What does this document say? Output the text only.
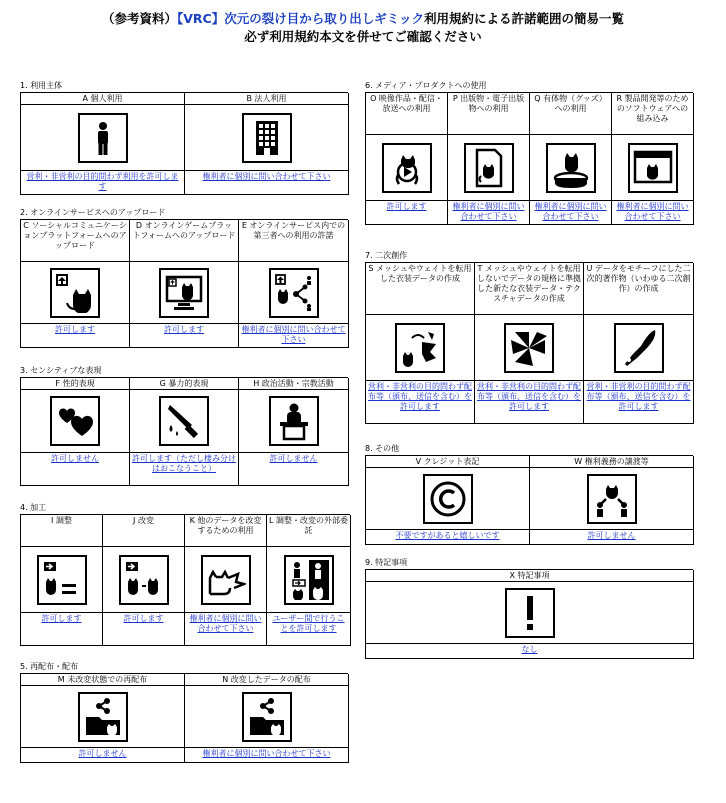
（参考資料）【VRC】次元の裂け目から取り出しギミック利用規約による許諾範囲の簡易一覧
必ず利用規約本文を併せてご確認ください
1. 利用主体
A 個人利用
営利・非営利の目的問わず利用を許可します
B 法人利用
権利者に個別に問い合わせて下さい
2. オンラインサービスへのアップロード
C ソーシャルコミュニケーションプラットフォームへのアップロード
許可します
D オンラインゲームプラットフォームへのアップロード
許可します
E オンラインサービス内での第三者への利用の許諾
権利者に個別に問い合わせて下さい
3. センシティブな表現
F 性的表現
許可しません
G 暴力的表現
許可します（ただし棲み分けはおこなうこと）
H 政治活動・宗教活動
許可しません
4. 加工
I 調整
許可します
J 改変
許可します
K 他のデータを改変するための利用
権利者に個別に問い合わせて下さい
L 調整・改変の外部委託
ユーザー間で行うことを許可します
5. 再配布・配布
M 未改変状態での再配布
許可しません
N 改変したデータの配布
権利者に個別に問い合わせて下さい
6. メディア・プロダクトへの使用
O 映像作品・配信・放送への利用
許可します
P 出版物・電子出版物への利用
権利者に個別に問い合わせて下さい
Q 有体物（グッズ）への利用
権利者に個別に問い合わせて下さい
R 製品開発等のためのソフトウェアへの組み込み
権利者に個別に問い合わせて下さい
7. 二次創作
S メッシュやウェイトを転用した衣装データの作成
営利・非営利の目的問わず配布等（頒布、送信を含む）を許可します
T メッシュやウェイトを転用しないでデータの規格に準拠した新たな衣装データ・テクスチャデータの作成
営利・非営利の目的問わず配布等（頒布、送信を含む）を許可します
U データをモチーフにした二次的著作物（いわゆる二次創作）の作成
営利・非営利の目的問わず配布等（頒布、送信を含む）を許可します
8. その他
V クレジット表記
不要ですがあると嬉しいです
W 権利義務の譲渡等
許可しません
9. 特記事項
X 特記事項
なし
